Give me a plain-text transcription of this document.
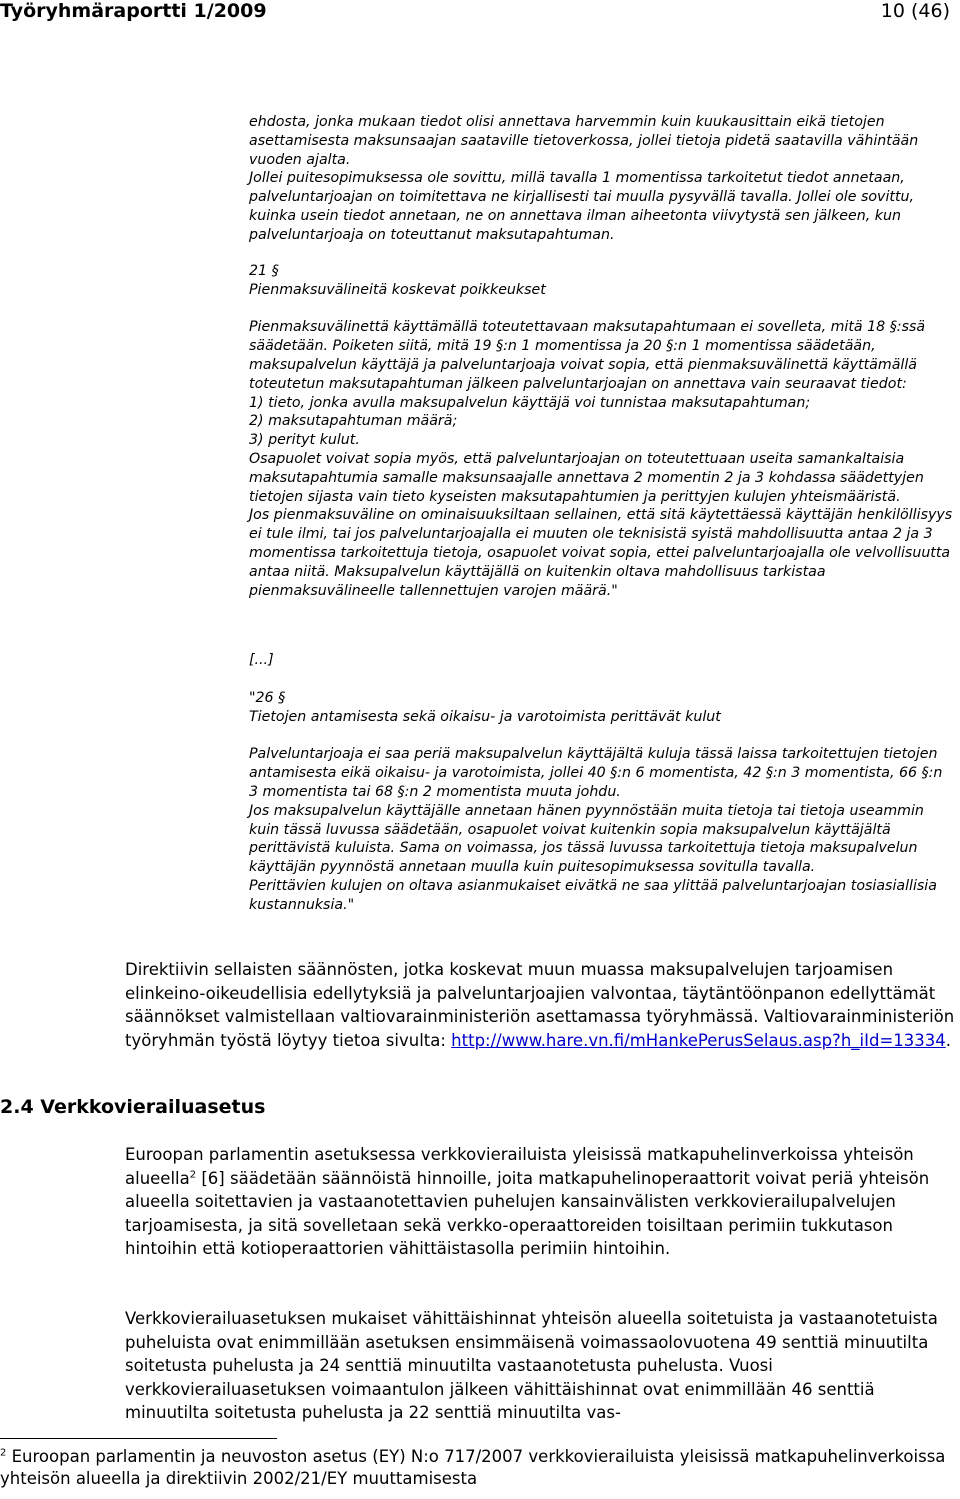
Työryhmäraportti 1/2009	10 (46)

ehdosta, jonka mukaan tiedot olisi annettava harvemmin kuin kuukausittain eikä tietojen asettamisesta maksunsaajan saataville tietoverkossa, jollei tietoja pidetä saatavilla vähintään vuoden ajalta.

Jollei puitesopimuksessa ole sovittu, millä tavalla 1 momentissa tarkoitetut tiedot annetaan, palveluntarjoajan on toimitettava ne kirjallisesti tai muulla pysyvällä tavalla. Jollei ole sovittu, kuinka usein tiedot annetaan, ne on annettava ilman aiheetonta viivytystä sen jälkeen, kun palveluntarjoaja on toteuttanut maksutapahtuman.

21 §

Pienmaksuvälineitä koskevat poikkeukset

Pienmaksuvälinettä käyttämällä toteutettavaan maksutapahtumaan ei sovelleta, mitä 18 §:ssä säädetään. Poiketen siitä, mitä 19 §:n 1 momentissa ja 20 §:n 1 momentissa säädetään, maksupalvelun käyttäjä ja palveluntarjoaja voivat sopia, että pienmaksuvälinettä käyttämällä toteutetun maksutapahtuman jälkeen palveluntarjoajan on annettava vain seuraavat tiedot:

1) tieto, jonka avulla maksupalvelun käyttäjä voi tunnistaa maksutapahtuman;

2) maksutapahtuman määrä;

3) perityt kulut.

Osapuolet voivat sopia myös, että palveluntarjoajan on toteutettuaan useita samankaltaisia maksutapahtumia samalle maksunsaajalle annettava 2 momentin 2 ja 3 kohdassa säädettyjen tietojen sijasta vain tieto kyseisten maksutapahtumien ja perittyjen kulujen yhteismääristä.

Jos pienmaksuväline on ominaisuuksiltaan sellainen, että sitä käytettäessä käyttäjän henkilöllisyys ei tule ilmi, tai jos palveluntarjoajalla ei muuten ole teknisistä syistä mahdollisuutta antaa 2 ja 3 momentissa tarkoitettuja tietoja, osapuolet voivat sopia, ettei palveluntarjoajalla ole velvollisuutta antaa niitä. Maksupalvelun käyttäjällä on kuitenkin oltava mahdollisuus tarkistaa pienmaksuvälineelle tallennettujen varojen määrä."

[...]

"26 §

Tietojen antamisesta sekä oikaisu- ja varotoimista perittävät kulut

Palveluntarjoaja ei saa periä maksupalvelun käyttäjältä kuluja tässä laissa tarkoitettujen tietojen antamisesta eikä oikaisu- ja varotoimista, jollei 40 §:n 6 momentista, 42 §:n 3 momentista, 66 §:n 3 momentista tai 68 §:n 2 momentista muuta johdu.

Jos maksupalvelun käyttäjälle annetaan hänen pyynnöstään muita tietoja tai tietoja useammin kuin tässä luvussa säädetään, osapuolet voivat kuitenkin sopia maksupalvelun käyttäjältä perittävistä kuluista. Sama on voimassa, jos tässä luvussa tarkoitettuja tietoja maksupalvelun käyttäjän pyynnöstä annetaan muulla kuin puitesopimuksessa sovitulla tavalla.

Perittävien kulujen on oltava asianmukaiset eivätkä ne saa ylittää palveluntarjoajan tosiasiallisia kustannuksia."

Direktiivin sellaisten säännösten, jotka koskevat muun muassa maksupalvelujen tarjoamisen elinkeino-oikeudellisia edellytyksiä ja palveluntarjoajien valvontaa, täytäntöönpanon edellyttämät säännökset valmistellaan valtiovarainministeriön asettamassa työryhmässä. Valtiovarainministeriön työryhmän työstä löytyy tietoa sivulta: http://www.hare.vn.fi/mHankePerusSelaus.asp?h_iId=13334.

2.4 Verkkovierailuasetus

Euroopan parlamentin asetuksessa verkkovierailuista yleisissä matkapuhelinverkoissa yhteisön alueella$^2$ [6] säädetään säännöistä hinnoille, joita matkapuhelinoperaattorit voivat periä yhteisön alueella soitettavien ja vastaanotettavien puhelujen kansainvälisten verkkovierailupalvelujen tarjoamisesta, ja sitä sovelletaan sekä verkko-operaattoreiden toisiltaan perimiin tukkutason hintoihin että kotioperaattorien vähittäistasolla perimiin hintoihin.

Verkkovierailuasetuksen mukaiset vähittäishinnat yhteisön alueella soitetuista ja vastaanotetuista puheluista ovat enimmillään asetuksen ensimmäisenä voimassaolovuotena 49 senttiä minuutilta soitetusta puhelusta ja 24 senttiä minuutilta vastaanotetusta puhelusta. Vuosi verkkovierailuasetuksen voimaantulon jälkeen vähittäishinnat ovat enimmillään 46 senttiä minuutilta soitetusta puhelusta ja 22 senttiä minuutilta vas-

$^2$ Euroopan parlamentin ja neuvoston asetus (EY) N:o 717/2007 verkkovierailuista yleisissä matkapuhelinverkoissa yhteisön alueella ja direktiivin 2002/21/EY muuttamisesta
